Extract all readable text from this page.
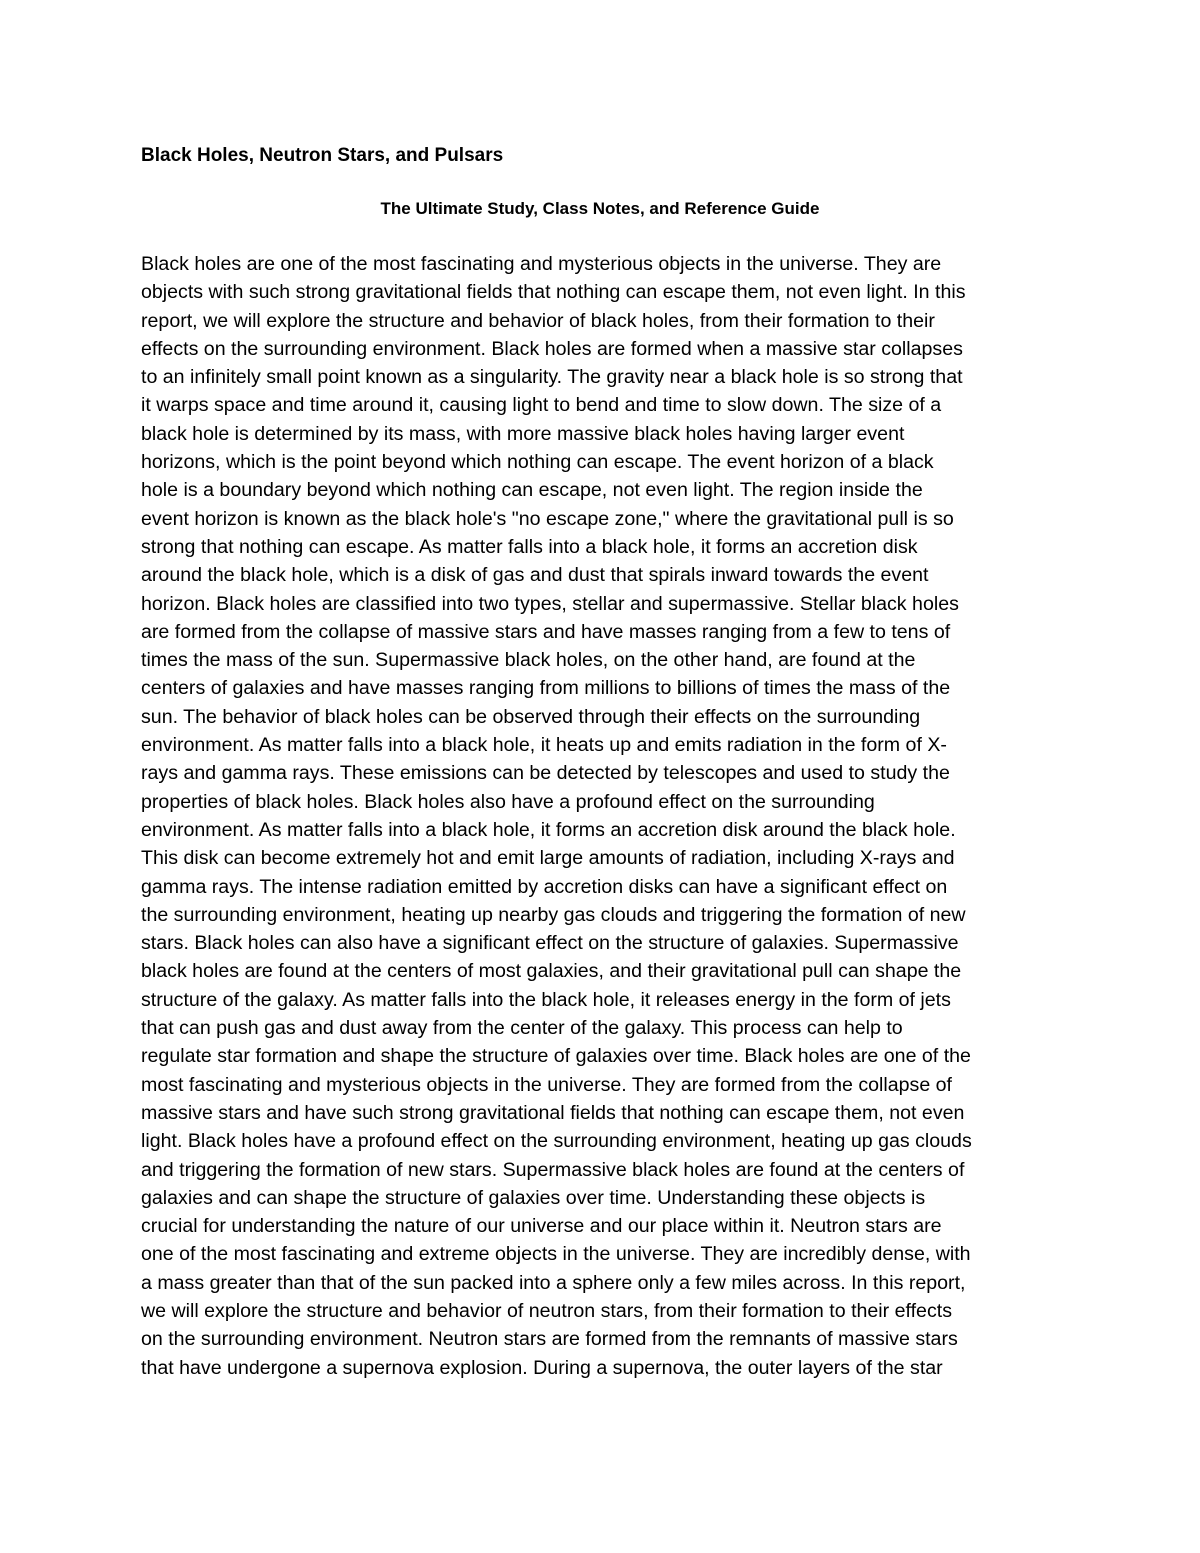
Black Holes, Neutron Stars, and Pulsars
The Ultimate Study, Class Notes, and Reference Guide
Black holes are one of the most fascinating and mysterious objects in the universe. They are
objects with such strong gravitational fields that nothing can escape them, not even light. In this
report, we will explore the structure and behavior of black holes, from their formation to their
effects on the surrounding environment. Black holes are formed when a massive star collapses
to an infinitely small point known as a singularity. The gravity near a black hole is so strong that
it warps space and time around it, causing light to bend and time to slow down. The size of a
black hole is determined by its mass, with more massive black holes having larger event
horizons, which is the point beyond which nothing can escape. The event horizon of a black
hole is a boundary beyond which nothing can escape, not even light. The region inside the
event horizon is known as the black hole's "no escape zone," where the gravitational pull is so
strong that nothing can escape. As matter falls into a black hole, it forms an accretion disk
around the black hole, which is a disk of gas and dust that spirals inward towards the event
horizon. Black holes are classified into two types, stellar and supermassive. Stellar black holes
are formed from the collapse of massive stars and have masses ranging from a few to tens of
times the mass of the sun. Supermassive black holes, on the other hand, are found at the
centers of galaxies and have masses ranging from millions to billions of times the mass of the
sun. The behavior of black holes can be observed through their effects on the surrounding
environment. As matter falls into a black hole, it heats up and emits radiation in the form of X-
rays and gamma rays. These emissions can be detected by telescopes and used to study the
properties of black holes. Black holes also have a profound effect on the surrounding
environment. As matter falls into a black hole, it forms an accretion disk around the black hole.
This disk can become extremely hot and emit large amounts of radiation, including X-rays and
gamma rays. The intense radiation emitted by accretion disks can have a significant effect on
the surrounding environment, heating up nearby gas clouds and triggering the formation of new
stars. Black holes can also have a significant effect on the structure of galaxies. Supermassive
black holes are found at the centers of most galaxies, and their gravitational pull can shape the
structure of the galaxy. As matter falls into the black hole, it releases energy in the form of jets
that can push gas and dust away from the center of the galaxy. This process can help to
regulate star formation and shape the structure of galaxies over time. Black holes are one of the
most fascinating and mysterious objects in the universe. They are formed from the collapse of
massive stars and have such strong gravitational fields that nothing can escape them, not even
light. Black holes have a profound effect on the surrounding environment, heating up gas clouds
and triggering the formation of new stars. Supermassive black holes are found at the centers of
galaxies and can shape the structure of galaxies over time. Understanding these objects is
crucial for understanding the nature of our universe and our place within it. Neutron stars are
one of the most fascinating and extreme objects in the universe. They are incredibly dense, with
a mass greater than that of the sun packed into a sphere only a few miles across. In this report,
we will explore the structure and behavior of neutron stars, from their formation to their effects
on the surrounding environment. Neutron stars are formed from the remnants of massive stars
that have undergone a supernova explosion. During a supernova, the outer layers of the star
